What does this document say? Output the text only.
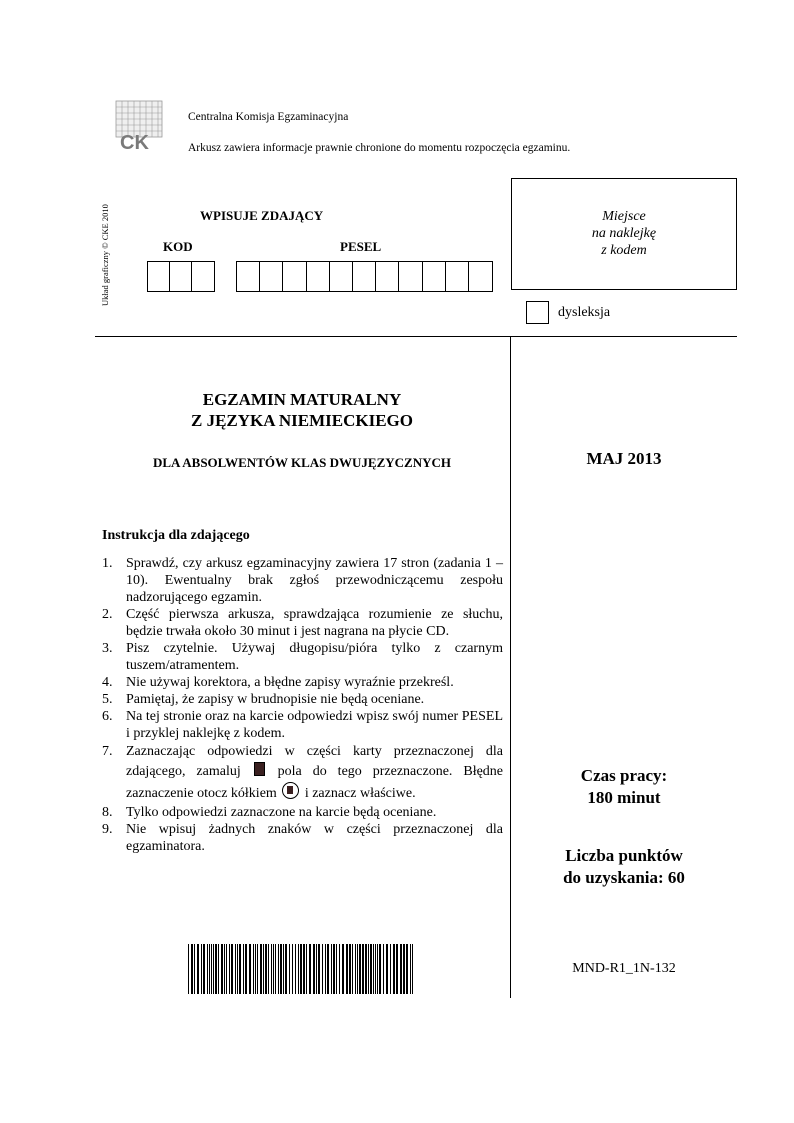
CK
Centralna Komisja Egzaminacyjna
Arkusz zawiera informacje prawnie chronione do momentu rozpoczęcia egzaminu.
Układ graficzny © CKE 2010	WPISUJE ZDAJĄCY
KOD	PESEL
Miejsce
na naklejkę
z kodem
dysleksja
EGZAMIN MATURALNY
Z JĘZYKA NIEMIECKIEGO
DLA ABSOLWENTÓW KLAS DWUJĘZYCZNYCH	MAJ 2013
Instrukcja dla zdającego
1. Sprawdź, czy arkusz egzaminacyjny zawiera 17 stron (zadania 1 – 10). Ewentualny brak zgłoś przewodniczącemu zespołu nadzorującego egzamin.
2. Część pierwsza arkusza, sprawdzająca rozumienie ze słuchu, będzie trwała około 30 minut i jest nagrana na płycie CD.
3. Pisz czytelnie. Używaj długopisu/pióra tylko z czarnym tuszem/atramentem.
4. Nie używaj korektora, a błędne zapisy wyraźnie przekreśl.
5. Pamiętaj, że zapisy w brudnopisie nie będą oceniane.
6. Na tej stronie oraz na karcie odpowiedzi wpisz swój numer PESEL i przyklej naklejkę z kodem.
7. Zaznaczając odpowiedzi w części karty przeznaczonej dla zdającego, zamaluj	pola do tego przeznaczone. Błędne zaznaczenie otocz kółkiem i zaznacz właściwe.
8. Tylko odpowiedzi zaznaczone na karcie będą oceniane.
9. Nie wpisuj żadnych znaków w części przeznaczonej dla egzaminatora.
Czas pracy:
180 minut
Liczba punktów
do uzyskania: 60
MND-R1_1N-132
